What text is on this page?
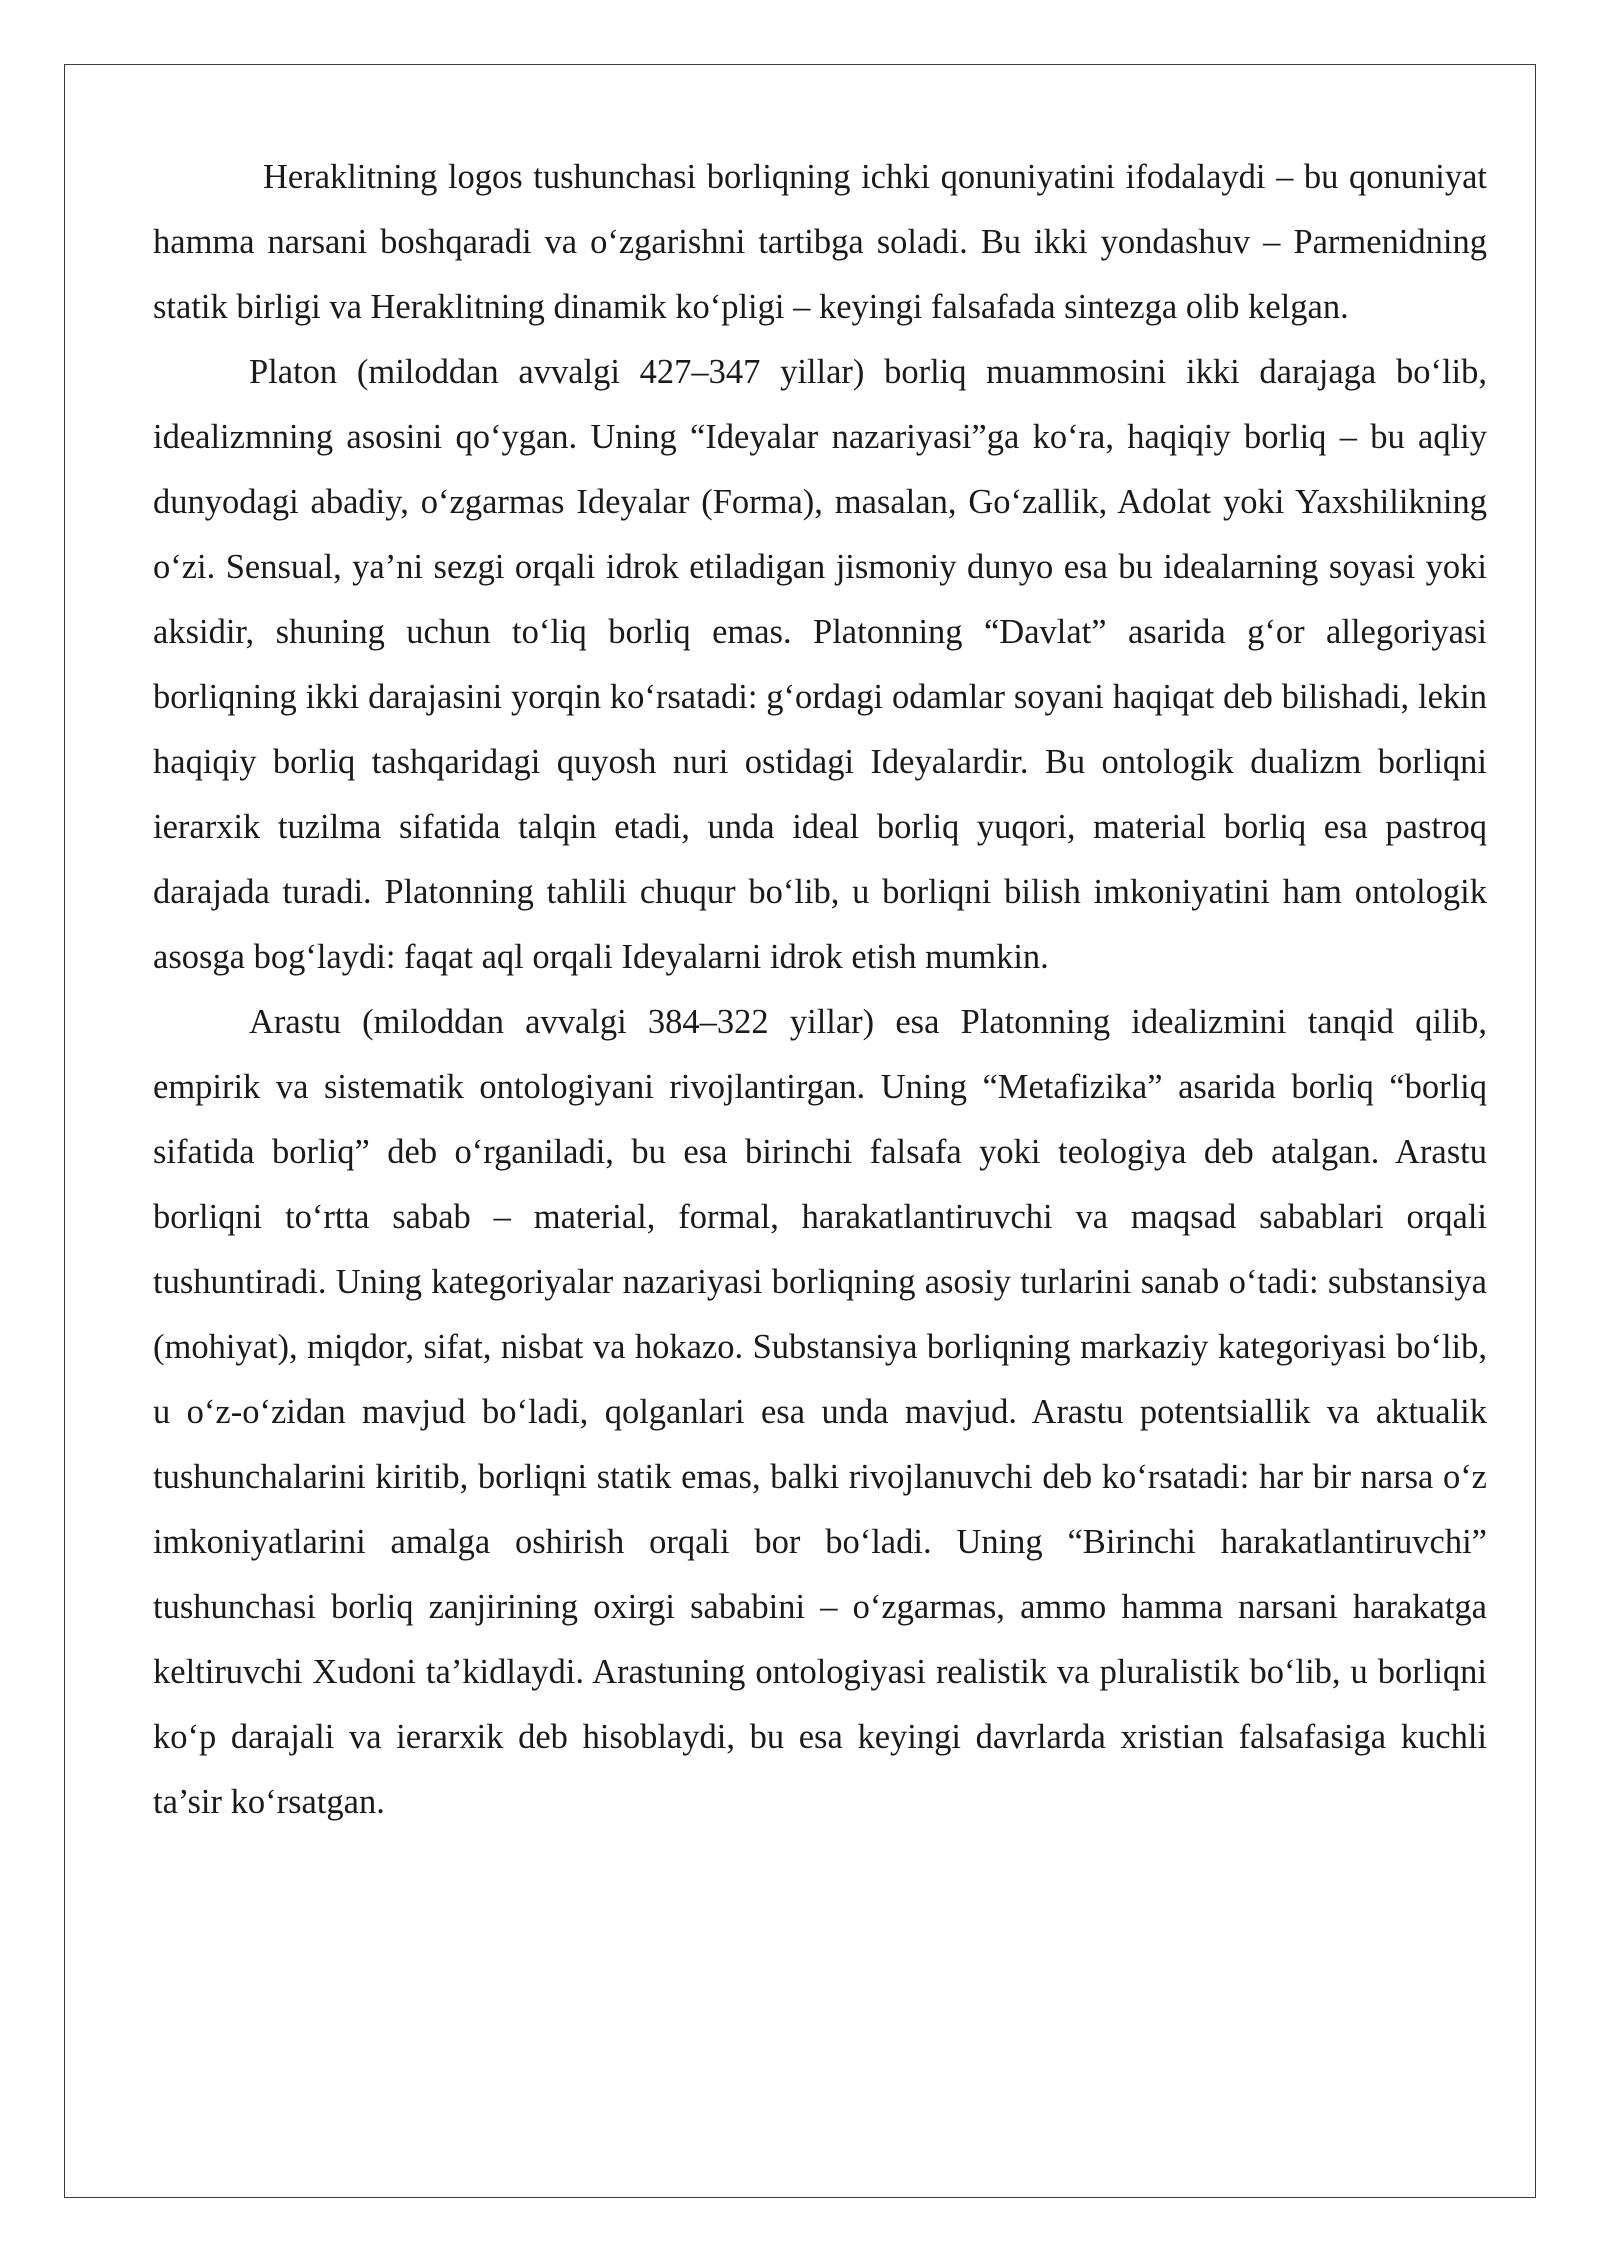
Heraklitning logos tushunchasi borliqning ichki qonuniyatini ifodalaydi – bu qonuniyat hamma narsani boshqaradi va oʻzgarishni tartibga soladi. Bu ikki yondashuv – Parmenidning statik birligi va Heraklitning dinamik koʻpligi – keyingi falsafada sintezga olib kelgan.

Platon (miloddan avvalgi 427–347 yillar) borliq muammosini ikki darajaga boʻlib, idealizmning asosini qoʻygan. Uning “Ideyalar nazariyasi”ga koʻra, haqiqiy borliq – bu aqliy dunyodagi abadiy, oʻzgarmas Ideyalar (Forma), masalan, Goʻzallik, Adolat yoki Yaxshilikning oʻzi. Sensual, ya’ni sezgi orqali idrok etiladigan jismoniy dunyo esa bu idealarning soyasi yoki aksidir, shuning uchun toʻliq borliq emas. Platonning “Davlat” asarida gʻor allegoriyasi borliqning ikki darajasini yorqin koʻrsatadi: gʻordagi odamlar soyani haqiqat deb bilishadi, lekin haqiqiy borliq tashqaridagi quyosh nuri ostidagi Ideyalardir. Bu ontologik dualizm borliqni ierarxik tuzilma sifatida talqin etadi, unda ideal borliq yuqori, material borliq esa pastroq darajada turadi. Platonning tahlili chuqur boʻlib, u borliqni bilish imkoniyatini ham ontologik asosga bogʻlaydi: faqat aql orqali Ideyalarni idrok etish mumkin.

Arastu (miloddan avvalgi 384–322 yillar) esa Platonning idealizmini tanqid qilib, empirik va sistematik ontologiyani rivojlantirgan. Uning “Metafizika” asarida borliq “borliq sifatida borliq” deb oʻrganiladi, bu esa birinchi falsafa yoki teologiya deb atalgan. Arastu borliqni toʻrtta sabab – material, formal, harakatlantiruvchi va maqsad sabablari orqali tushuntiradi. Uning kategoriyalar nazariyasi borliqning asosiy turlarini sanab oʻtadi: substansiya (mohiyat), miqdor, sifat, nisbat va hokazo. Substansiya borliqning markaziy kategoriyasi boʻlib, u oʻz-oʻzidan mavjud boʻladi, qolganlari esa unda mavjud. Arastu potentsiallik va aktualik tushunchalarini kiritib, borliqni statik emas, balki rivojlanuvchi deb koʻrsatadi: har bir narsa oʻz imkoniyatlarini amalga oshirish orqali bor boʻladi. Uning “Birinchi harakatlantiruvchi” tushunchasi borliq zanjirining oxirgi sababini – oʻzgarmas, ammo hamma narsani harakatga keltiruvchi Xudoni ta’kidlaydi. Arastuning ontologiyasi realistik va pluralistik boʻlib, u borliqni koʻp darajali va ierarxik deb hisoblaydi, bu esa keyingi davrlarda xristian falsafasiga kuchli ta’sir koʻrsatgan.
